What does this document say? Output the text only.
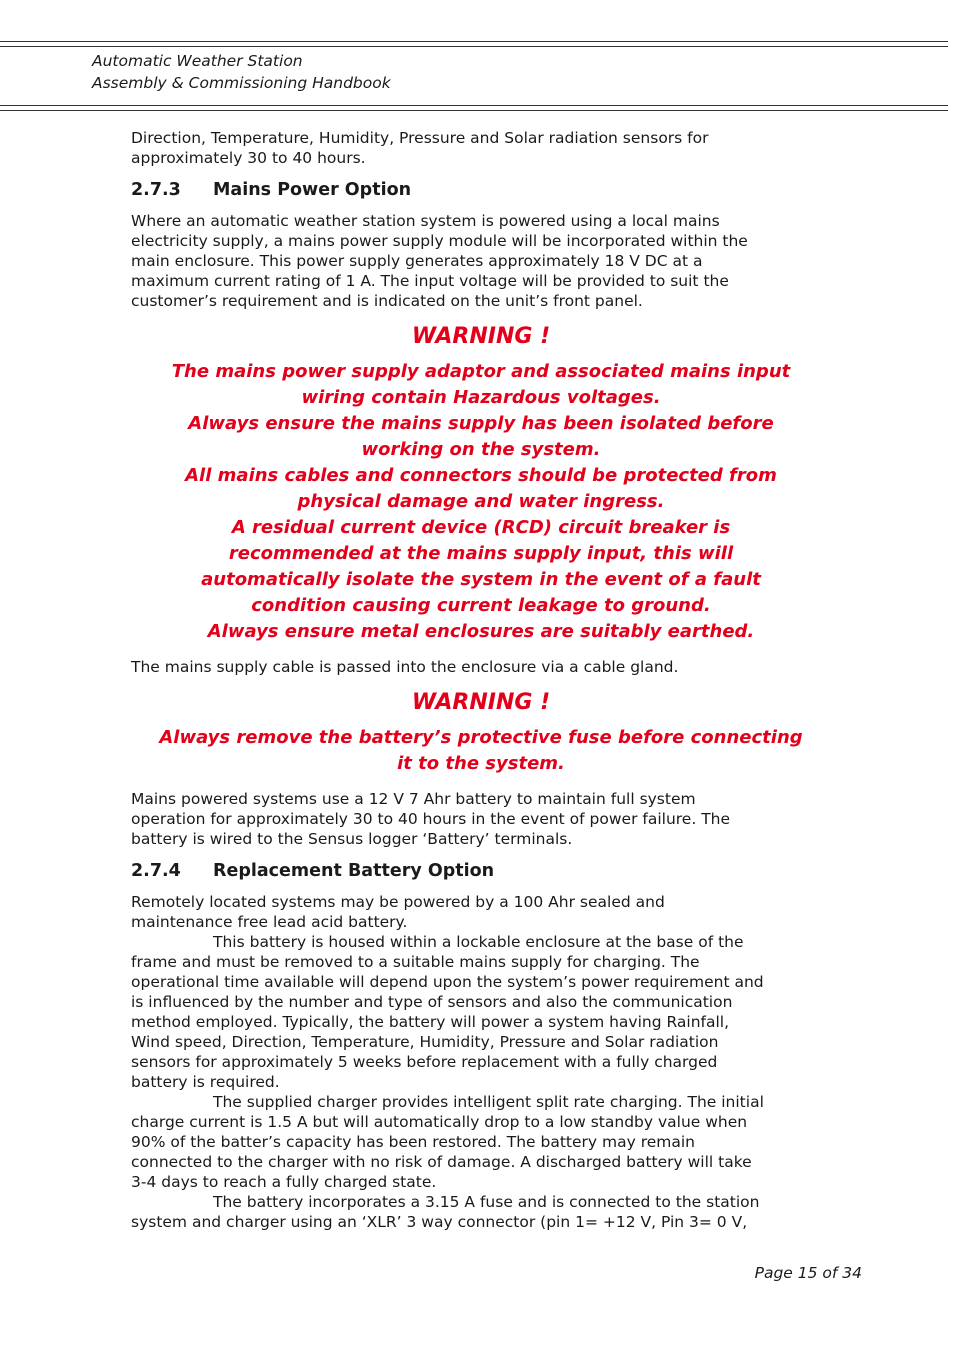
Automatic Weather Station
Assembly & Commissioning Handbook

Direction, Temperature, Humidity, Pressure and Solar radiation sensors for
approximately 30 to 40 hours.

2.7.3 Mains Power Option

Where an automatic weather station system is powered using a local mains
electricity supply, a mains power supply module will be incorporated within the
main enclosure. This power supply generates approximately 18 V DC at a
maximum current rating of 1 A. The input voltage will be provided to suit the
customer’s requirement and is indicated on the unit’s front panel.

WARNING !
The mains power supply adaptor and associated mains input
wiring contain Hazardous voltages.
Always ensure the mains supply has been isolated before
working on the system.
All mains cables and connectors should be protected from
physical damage and water ingress.
A residual current device (RCD) circuit breaker is
recommended at the mains supply input, this will
automatically isolate the system in the event of a fault
condition causing current leakage to ground.
Always ensure metal enclosures are suitably earthed.

The mains supply cable is passed into the enclosure via a cable gland.

WARNING !
Always remove the battery’s protective fuse before connecting
it to the system.

Mains powered systems use a 12 V 7 Ahr battery to maintain full system
operation for approximately 30 to 40 hours in the event of power failure. The
battery is wired to the Sensus logger ‘Battery’ terminals.

2.7.4 Replacement Battery Option

Remotely located systems may be powered by a 100 Ahr sealed and
maintenance free lead acid battery.
This battery is housed within a lockable enclosure at the base of the
frame and must be removed to a suitable mains supply for charging. The
operational time available will depend upon the system’s power requirement and
is influenced by the number and type of sensors and also the communication
method employed. Typically, the battery will power a system having Rainfall,
Wind speed, Direction, Temperature, Humidity, Pressure and Solar radiation
sensors for approximately 5 weeks before replacement with a fully charged
battery is required.
The supplied charger provides intelligent split rate charging. The initial
charge current is 1.5 A but will automatically drop to a low standby value when
90% of the batter’s capacity has been restored. The battery may remain
connected to the charger with no risk of damage. A discharged battery will take
3-4 days to reach a fully charged state.
The battery incorporates a 3.15 A fuse and is connected to the station
system and charger using an ‘XLR’ 3 way connector (pin 1= +12 V, Pin 3= 0 V,

Page 15 of 34
